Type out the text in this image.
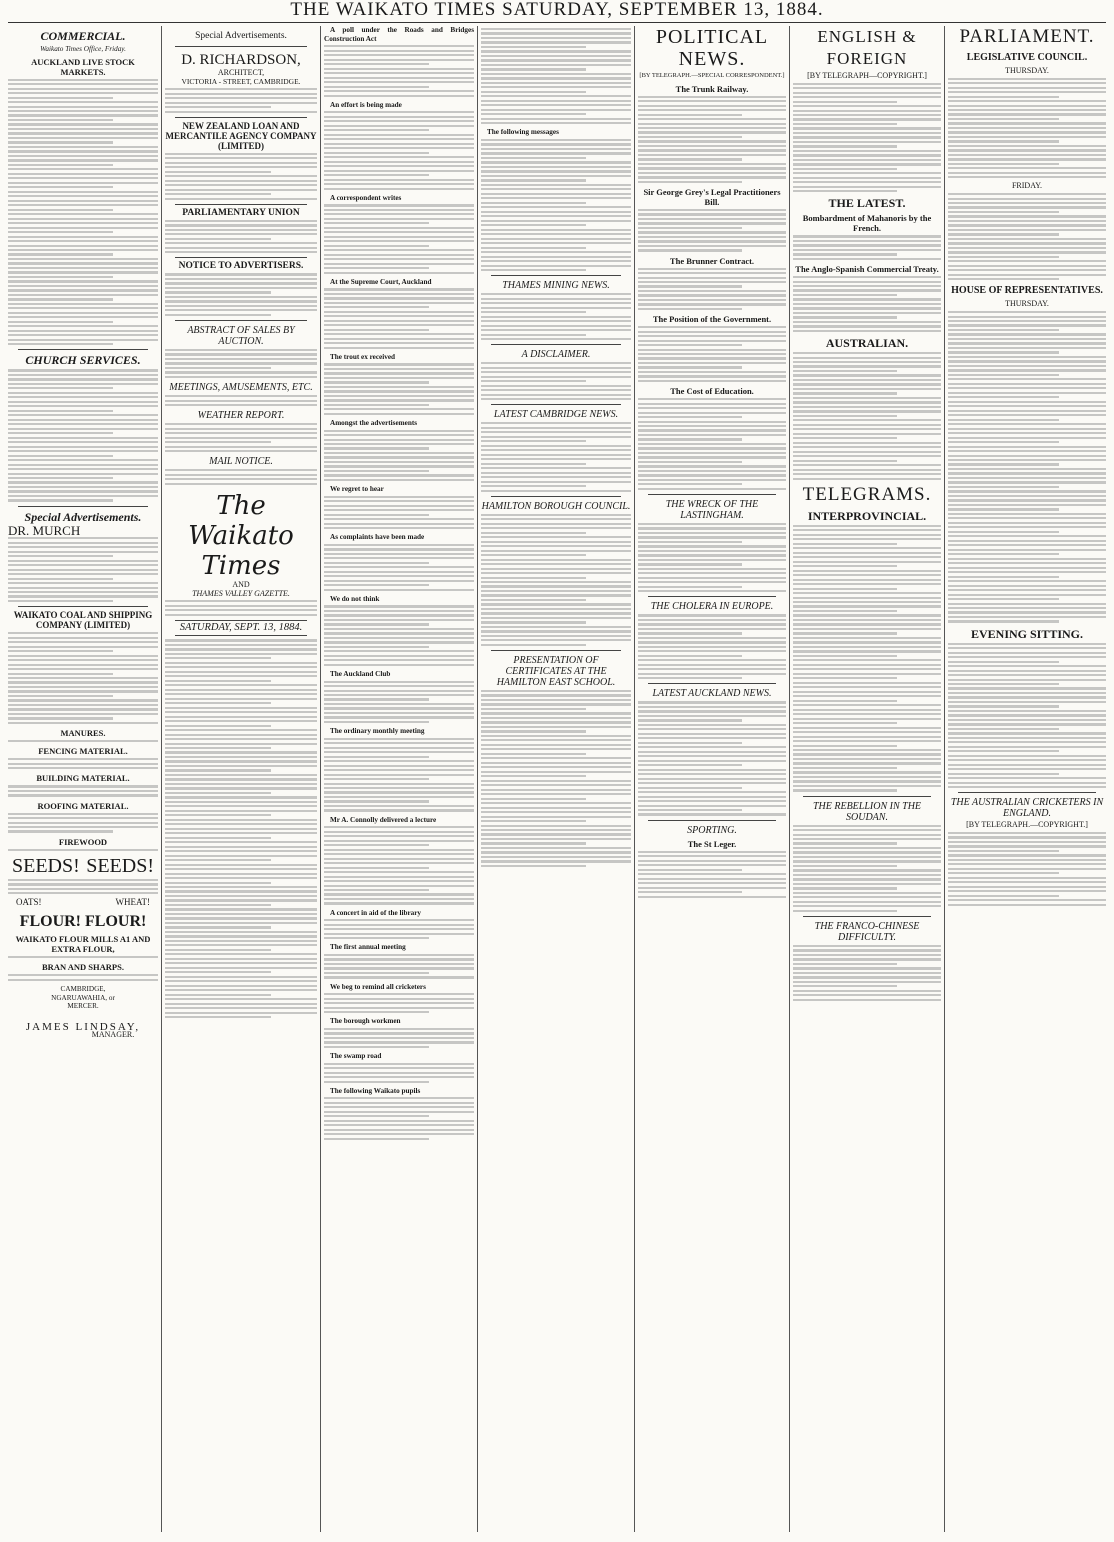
THE WAIKATO TIMES SATURDAY, SEPTEMBER 13, 1884.
COMMERCIAL.
Waikato Times Office, Friday.
AUCKLAND LIVE STOCK MARKETS.
CHURCH SERVICES.
Special Advertisements.
DR. MURCH
WAIKATO COAL AND SHIPPING COMPANY (LIMITED)
MANURES.
FENCING MATERIAL.
BUILDING MATERIAL.
ROOFING MATERIAL.
FIREWOOD
SEEDS! SEEDS!
OATS!	WHEAT!
FLOUR! FLOUR!
WAIKATO FLOUR MILLS A1 AND EXTRA FLOUR,
BRAN AND SHARPS.
CAMBRIDGE,
NGARUAWAHIA, or
MERCER.
JAMES LINDSAY,
MANAGER.
Special Advertisements.
D. RICHARDSON,
ARCHITECT,
VICTORIA - STREET, CAMBRIDGE.
NEW ZEALAND LOAN AND MERCANTILE AGENCY COMPANY (LIMITED)
PARLIAMENTARY UNION
NOTICE TO ADVERTISERS.
ABSTRACT OF SALES BY AUCTION.
MEETINGS, AMUSEMENTS, ETC.
WEATHER REPORT.
MAIL NOTICE.
The Waikato Times
AND
THAMES VALLEY GAZETTE.
SATURDAY, SEPT. 13, 1884.
A poll under the Roads and Bridges Construction Act
An effort is being made
A correspondent writes
At the Supreme Court, Auckland
The trout ex received
Amongst the advertisements
We regret to hear
As complaints have been made
We do not think
The Auckland Club
The ordinary monthly meeting
Mr A. Connolly delivered a lecture
A concert in aid of the library
The first annual meeting
We beg to remind all cricketers
The borough workmen
The swamp road
The following Waikato pupils
The following messages
THAMES MINING NEWS.
A DISCLAIMER.
LATEST CAMBRIDGE NEWS.
HAMILTON BOROUGH COUNCIL.
PRESENTATION OF CERTIFICATES AT THE HAMILTON EAST SCHOOL.
POLITICAL NEWS.
[BY TELEGRAPH.—SPECIAL CORRESPONDENT.]
The Trunk Railway.
Sir George Grey's Legal Practitioners Bill.
The Brunner Contract.
The Position of the Government.
The Cost of Education.
THE WRECK OF THE LASTINGHAM.
THE CHOLERA IN EUROPE.
LATEST AUCKLAND NEWS.
SPORTING.
The St Leger.
ENGLISH & FOREIGN
[BY TELEGRAPH—COPYRIGHT.]
THE LATEST.
Bombardment of Mahanoris by the French.
The Anglo-Spanish Commercial Treaty.
AUSTRALIAN.
TELEGRAMS.
INTERPROVINCIAL.
THE REBELLION IN THE SOUDAN.
THE FRANCO-CHINESE DIFFICULTY.
PARLIAMENT.
LEGISLATIVE COUNCIL.
THURSDAY.
FRIDAY.
HOUSE OF REPRESENTATIVES.
THURSDAY.
EVENING SITTING.
THE AUSTRALIAN CRICKETERS IN ENGLAND.
[BY TELEGRAPH.—COPYRIGHT.]
